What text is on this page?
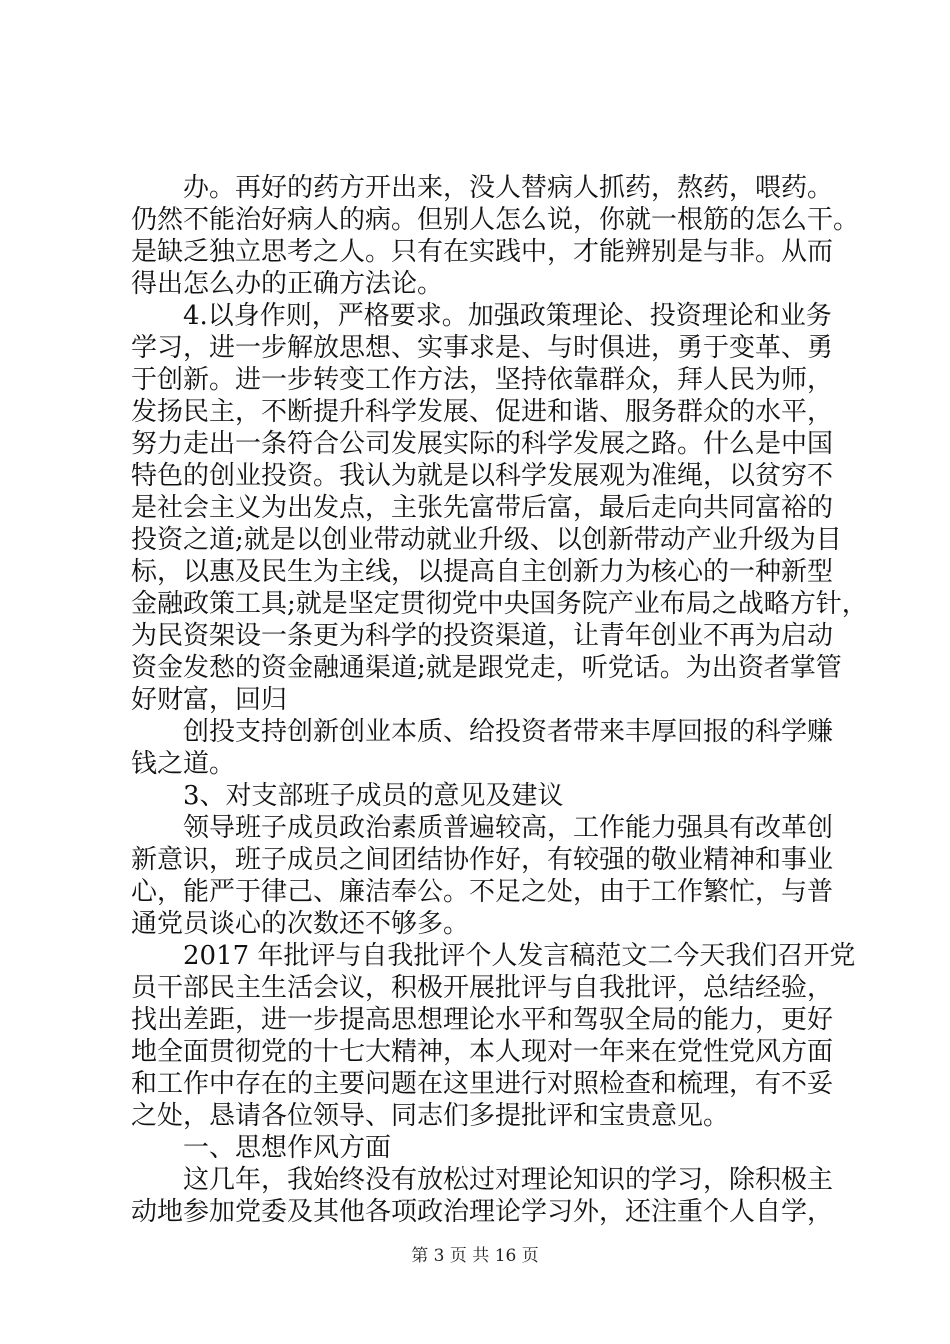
办。再好的药方开出来，没人替病人抓药，熬药，喂药。
仍然不能治好病人的病。但别人怎么说，你就一根筋的怎么干。
是缺乏独立思考之人。只有在实践中，才能辨别是与非。从而
得出怎么办的正确方法论。
4.以身作则，严格要求。加强政策理论、投资理论和业务
学习，进一步解放思想、实事求是、与时俱进，勇于变革、勇
于创新。进一步转变工作方法，坚持依靠群众，拜人民为师，
发扬民主，不断提升科学发展、促进和谐、服务群众的水平，
努力走出一条符合公司发展实际的科学发展之路。什么是中国
特色的创业投资。我认为就是以科学发展观为准绳，以贫穷不
是社会主义为出发点，主张先富带后富，最后走向共同富裕的
投资之道;就是以创业带动就业升级、以创新带动产业升级为目
标，以惠及民生为主线，以提高自主创新力为核心的一种新型
金融政策工具;就是坚定贯彻党中央国务院产业布局之战略方针，
为民资架设一条更为科学的投资渠道，让青年创业不再为启动
资金发愁的资金融通渠道;就是跟党走，听党话。为出资者掌管
好财富，回归
创投支持创新创业本质、给投资者带来丰厚回报的科学赚
钱之道。
3、对支部班子成员的意见及建议
领导班子成员政治素质普遍较高，工作能力强具有改革创
新意识，班子成员之间团结协作好，有较强的敬业精神和事业
心，能严于律己、廉洁奉公。不足之处，由于工作繁忙，与普
通党员谈心的次数还不够多。
2017 年批评与自我批评个人发言稿范文二今天我们召开党
员干部民主生活会议，积极开展批评与自我批评，总结经验，
找出差距，进一步提高思想理论水平和驾驭全局的能力，更好
地全面贯彻党的十七大精神，本人现对一年来在党性党风方面
和工作中存在的主要问题在这里进行对照检查和梳理，有不妥
之处，恳请各位领导、同志们多提批评和宝贵意见。
一、思想作风方面
这几年，我始终没有放松过对理论知识的学习，除积极主
动地参加党委及其他各项政治理论学习外，还注重个人自学，
第 3 页 共 16 页
